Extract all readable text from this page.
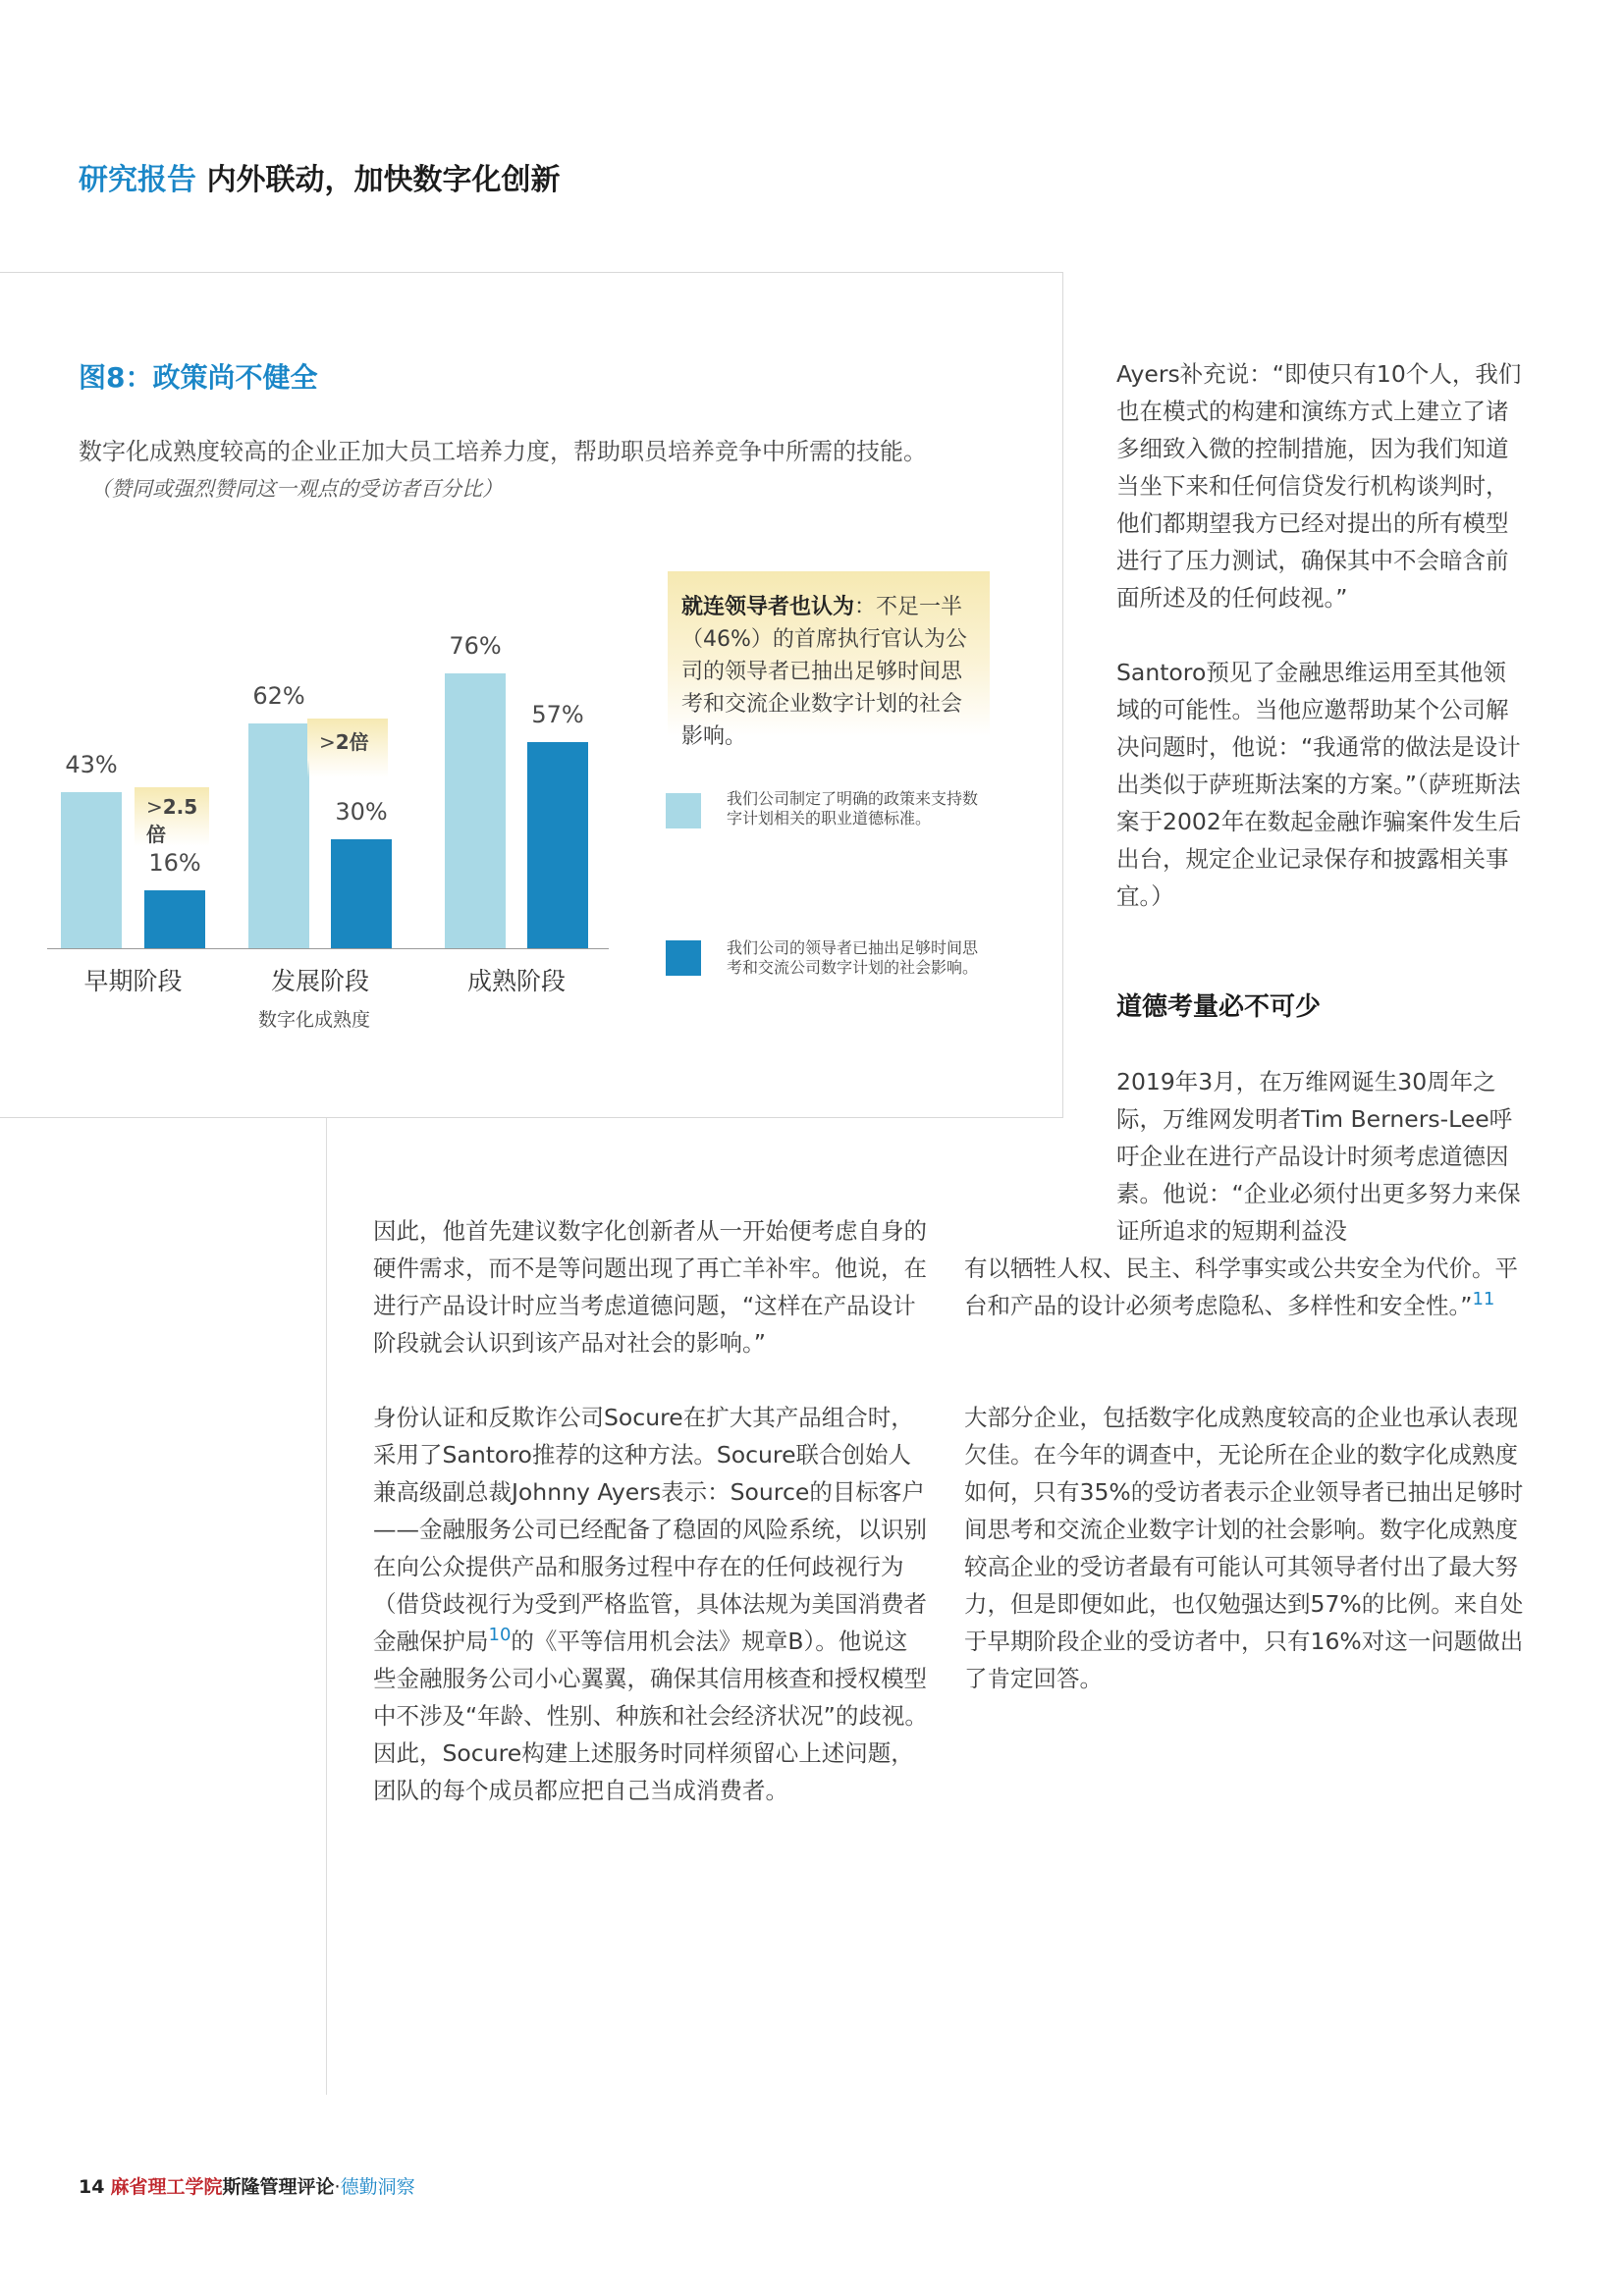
研究报告 内外联动，加快数字化创新
图8：政策尚不健全
数字化成熟度较高的企业正加大员工培养力度，帮助职员培养竞争中所需的技能。
（赞同或强烈赞同这一观点的受访者百分比）
>2.5倍
>2倍
43%
16%
62%
30%
76%
57%
早期阶段	发展阶段	成熟阶段
数字化成熟度
就连领导者也认为：不足一半（46%）的首席执行官认为公司的领导者已抽出足够时间思考和交流企业数字计划的社会影响。
我们公司制定了明确的政策来支持数字计划相关的职业道德标准。
我们公司的领导者已抽出足够时间思考和交流公司数字计划的社会影响。

Ayers补充说：“即使只有10个人，我们也在模式的构建和演练方式上建立了诸多细致入微的控制措施，因为我们知道当坐下来和任何信贷发行机构谈判时，他们都期望我方已经对提出的所有模型进行了压力测试，确保其中不会暗含前面所述及的任何歧视。”

Santoro预见了金融思维运用至其他领域的可能性。当他应邀帮助某个公司解决问题时，他说：“我通常的做法是设计出类似于萨班斯法案的方案。”（萨班斯法案于2002年在数起金融诈骗案件发生后出台，规定企业记录保存和披露相关事宜。）

道德考量必不可少
2019年3月，在万维网诞生30周年之际，万维网发明者Tim Berners-Lee呼吁企业在进行产品设计时须考虑道德因素。他说：“企业必须付出更多努力来保证所追求的短期利益没
有以牺牲人权、民主、科学事实或公共安全为代价。平台和产品的设计必须考虑隐私、多样性和安全性。”$^{11}$
大部分企业，包括数字化成熟度较高的企业也承认表现欠佳。在今年的调查中，无论所在企业的数字化成熟度如何，只有35%的受访者表示企业领导者已抽出足够时间思考和交流企业数字计划的社会影响。数字化成熟度较高企业的受访者最有可能认可其领导者付出了最大努力，但是即便如此，也仅勉强达到57%的比例。来自处于早期阶段企业的受访者中，只有16%对这一问题做出了肯定回答。

因此，他首先建议数字化创新者从一开始便考虑自身的硬件需求，而不是等问题出现了再亡羊补牢。他说，在进行产品设计时应当考虑道德问题，“这样在产品设计阶段就会认识到该产品对社会的影响。”

身份认证和反欺诈公司Socure在扩大其产品组合时，采用了Santoro推荐的这种方法。Socure联合创始人兼高级副总裁Johnny Ayers表示：Source的目标客户——金融服务公司已经配备了稳固的风险系统，以识别在向公众提供产品和服务过程中存在的任何歧视行为（借贷歧视行为受到严格监管，具体法规为美国消费者金融保护局$^{10}$的《平等信用机会法》规章B）。他说这些金融服务公司小心翼翼，确保其信用核查和授权模型中不涉及“年龄、性别、种族和社会经济状况”的歧视。因此，Socure构建上述服务时同样须留心上述问题，团队的每个成员都应把自己当成消费者。

14 麻省理工学院斯隆管理评论·德勤洞察
